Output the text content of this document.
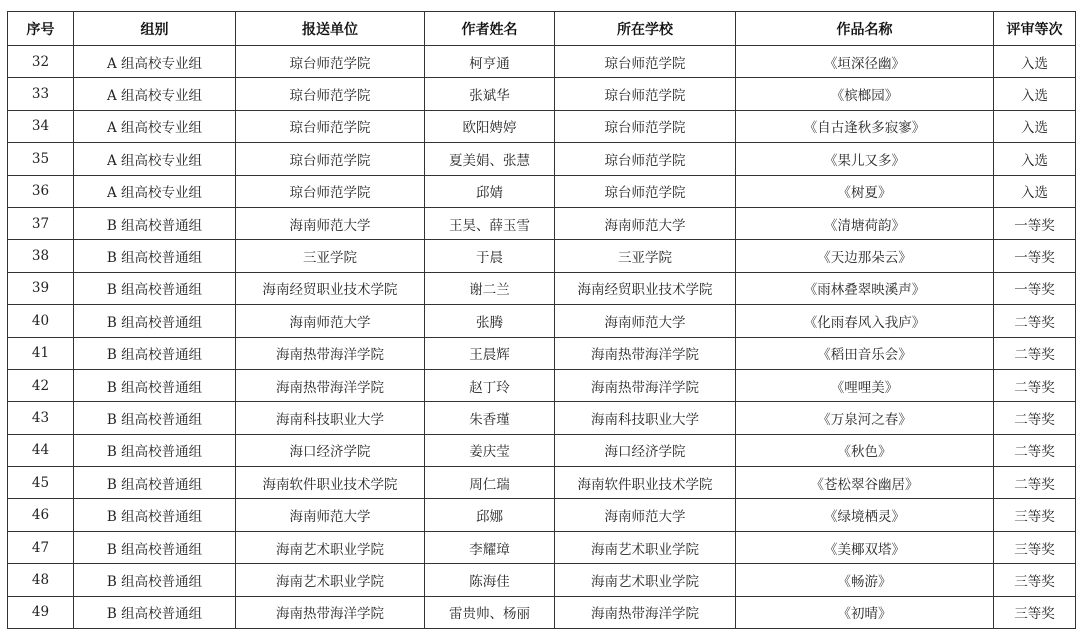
序号	组别	报送单位	作者姓名	所在学校	作品名称	评审等次
32	A 组高校专业组	琼台师范学院	柯亨通	琼台师范学院	《垣深径幽》	入选
33	A 组高校专业组	琼台师范学院	张斌华	琼台师范学院	《槟榔园》	入选
34	A 组高校专业组	琼台师范学院	欧阳娉婷	琼台师范学院	《自古逢秋多寂寥》	入选
35	A 组高校专业组	琼台师范学院	夏美娟、张慧	琼台师范学院	《果儿又多》	入选
36	A 组高校专业组	琼台师范学院	邱婧	琼台师范学院	《树夏》	入选
37	B 组高校普通组	海南师范大学	王昊、薛玉雪	海南师范大学	《清塘荷韵》	一等奖
38	B 组高校普通组	三亚学院	于晨	三亚学院	《天边那朵云》	一等奖
39	B 组高校普通组	海南经贸职业技术学院	谢二兰	海南经贸职业技术学院	《雨林叠翠映溪声》	一等奖
40	B 组高校普通组	海南师范大学	张腾	海南师范大学	《化雨春风入我庐》	二等奖
41	B 组高校普通组	海南热带海洋学院	王晨辉	海南热带海洋学院	《稻田音乐会》	二等奖
42	B 组高校普通组	海南热带海洋学院	赵丁玲	海南热带海洋学院	《哩哩美》	二等奖
43	B 组高校普通组	海南科技职业大学	朱香瑾	海南科技职业大学	《万泉河之春》	二等奖
44	B 组高校普通组	海口经济学院	姜庆莹	海口经济学院	《秋色》	二等奖
45	B 组高校普通组	海南软件职业技术学院	周仁瑞	海南软件职业技术学院	《苍松翠谷幽居》	二等奖
46	B 组高校普通组	海南师范大学	邱娜	海南师范大学	《绿境栖灵》	三等奖
47	B 组高校普通组	海南艺术职业学院	李耀璋	海南艺术职业学院	《美椰双塔》	三等奖
48	B 组高校普通组	海南艺术职业学院	陈海佳	海南艺术职业学院	《畅游》	三等奖
49	B 组高校普通组	海南热带海洋学院	雷贵帅、杨丽	海南热带海洋学院	《初晴》	三等奖
